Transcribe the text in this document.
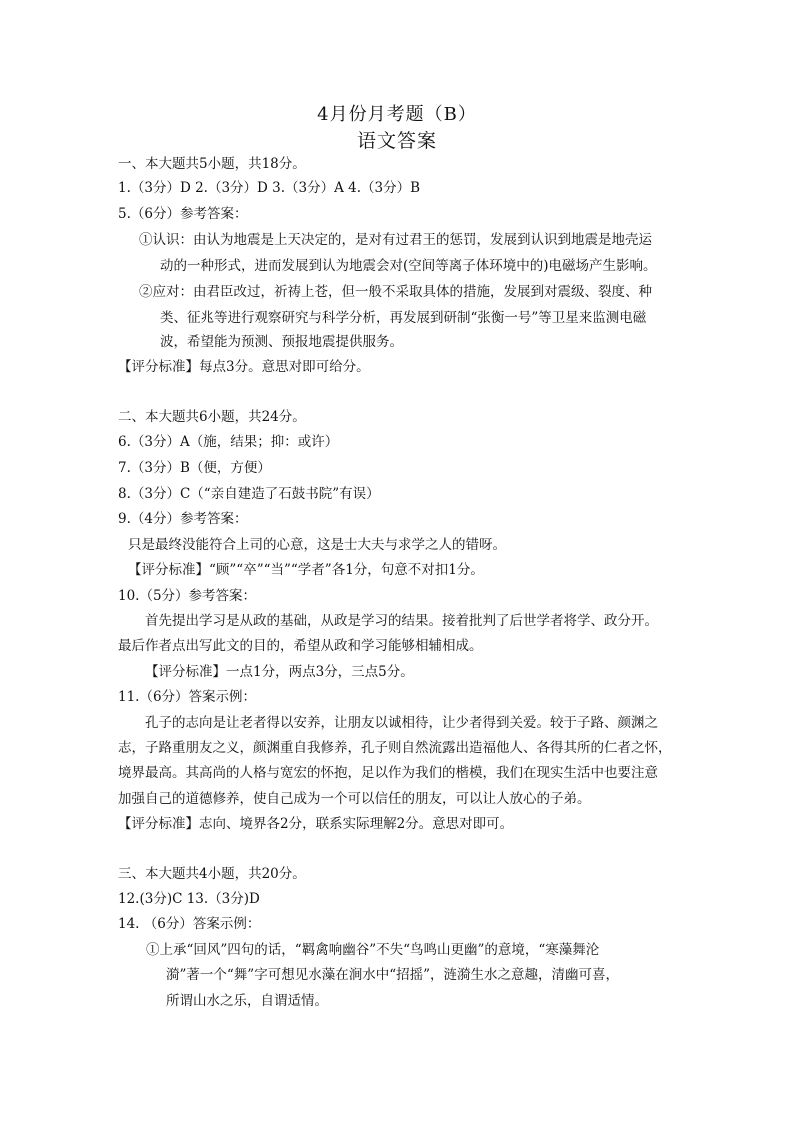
4月份月考题（B）
语文答案
一、本大题共5小题，共18分。
1.（3分）D 2.（3分）D 3.（3分）A 4.（3分）B
5.（6分）参考答案：
①认识：由认为地震是上天决定的，是对有过君王的惩罚，发展到认识到地震是地壳运
动的一种形式，进而发展到认为地震会对(空间等离子体环境中的)电磁场产生影响。
②应对：由君臣改过，祈祷上苍，但一般不采取具体的措施，发展到对震级、裂度、种
类、征兆等进行观察研究与科学分析，再发展到研制“张衡一号”等卫星来监测电磁
波，希望能为预测、预报地震提供服务。
【评分标准】每点3分。意思对即可给分。
二、本大题共6小题，共24分。
6.（3分）A（施，结果；抑：或许）
7.（3分）B（便，方便）
8.（3分）C（“亲自建造了石鼓书院”有误）
9.（4分）参考答案：
只是最终没能符合上司的心意，这是士大夫与求学之人的错呀。
【评分标准】“顾”“卒”“当”“学者”各1分，句意不对扣1分。
10.（5分）参考答案：
首先提出学习是从政的基础，从政是学习的结果。接着批判了后世学者将学、政分开。
最后作者点出写此文的目的，希望从政和学习能够相辅相成。
【评分标准】一点1分，两点3分，三点5分。
11.（6分）答案示例：
孔子的志向是让老者得以安养，让朋友以诚相待，让少者得到关爱。较于子路、颜渊之
志，子路重朋友之义，颜渊重自我修养，孔子则自然流露出造福他人、各得其所的仁者之怀，
境界最高。其高尚的人格与宽宏的怀抱，足以作为我们的楷模，我们在现实生活中也要注意
加强自己的道德修养，使自己成为一个可以信任的朋友，可以让人放心的子弟。
【评分标准】志向、境界各2分，联系实际理解2分。意思对即可。
三、本大题共4小题，共20分。
12.(3分)C 13.（3分)D
14. （6分）答案示例：
①上承“回风”四句的话，“羁禽响幽谷”不失“鸟鸣山更幽”的意境，“寒藻舞沦
漪”著一个“舞”字可想见水藻在涧水中“招摇”，涟漪生水之意趣，清幽可喜，
所谓山水之乐，自谓适情。
